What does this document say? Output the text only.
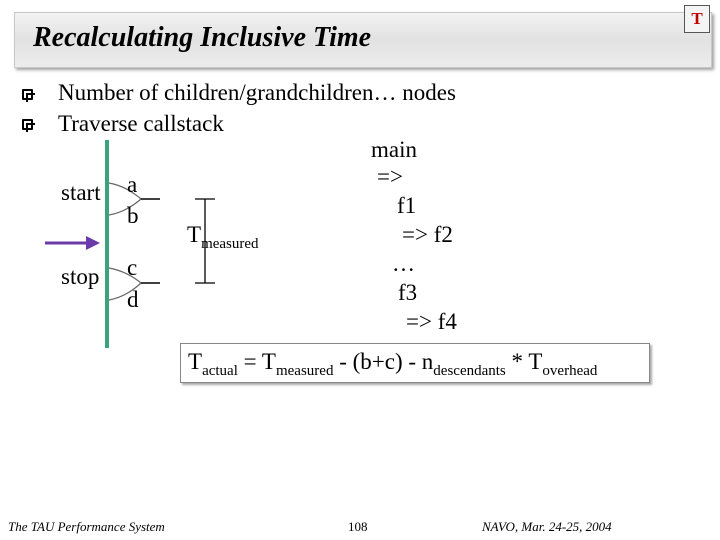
Recalculating Inclusive Time
T
Number of children/grandchildren… nodes
Traverse callstack
start
stop
a
b
c
d
$T_{measured}$
main
=>
f1
=> f2
…
f3
=> f4
$T_{actual} = T_{measured} - (b+c) - n_{descendants} * T_{overhead}$
The TAU Performance System	108	NAVO, Mar. 24-25, 2004
